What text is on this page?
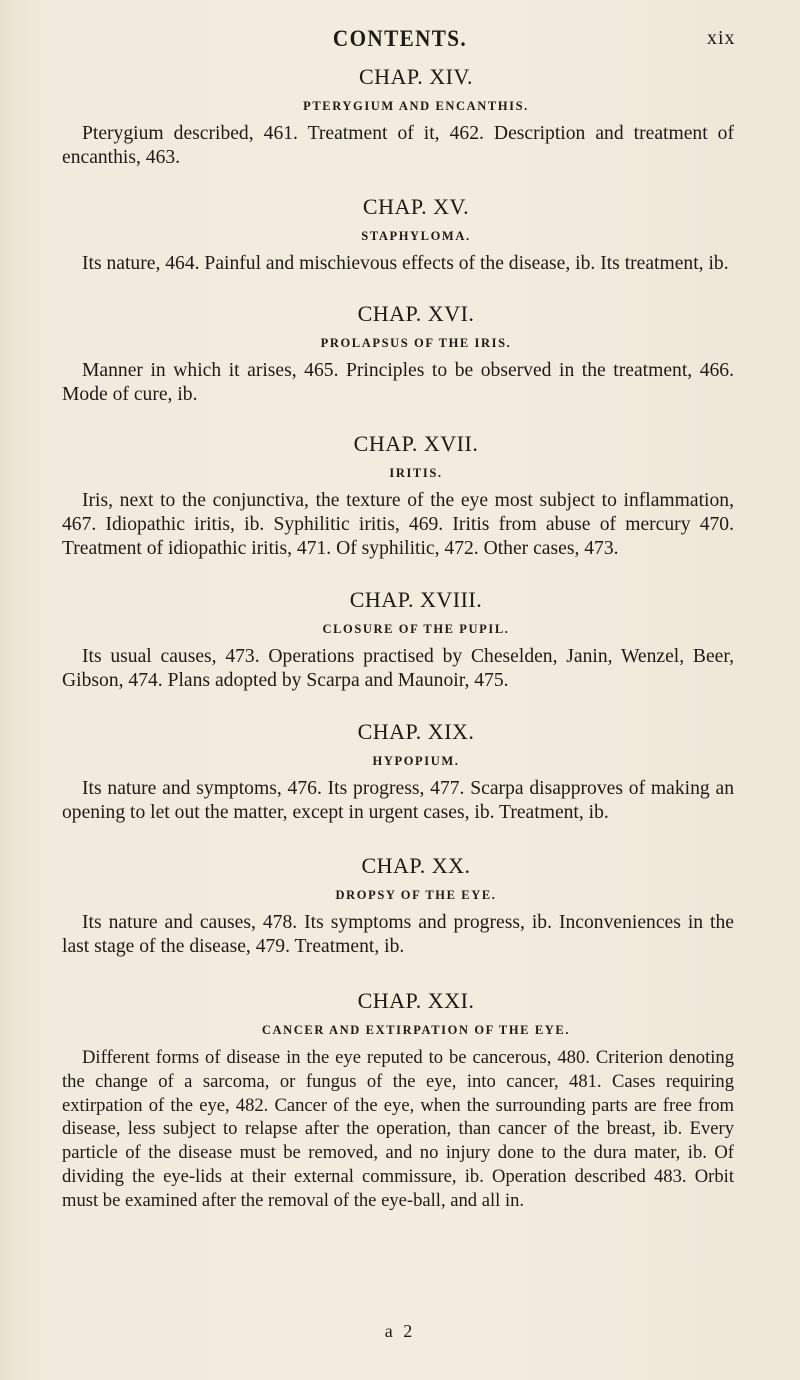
CONTENTS.	xix

CHAP. XIV.

PTERYGIUM AND ENCANTHIS.

Pterygium described, 461. Treatment of it, 462. Description and treatment of encanthis, 463.

CHAP. XV.

STAPHYLOMA.

Its nature, 464. Painful and mischievous effects of the disease, ib. Its treatment, ib.

CHAP. XVI.

PROLAPSUS OF THE IRIS.

Manner in which it arises, 465. Principles to be observed in the treatment, 466. Mode of cure, ib.

CHAP. XVII.

IRITIS.

Iris, next to the conjunctiva, the texture of the eye most subject to inflammation, 467. Idiopathic iritis, ib. Syphilitic iritis, 469. Iritis from abuse of mercury 470. Treatment of idiopathic iritis, 471. Of syphilitic, 472. Other cases, 473.

CHAP. XVIII.

CLOSURE OF THE PUPIL.

Its usual causes, 473. Operations practised by Cheselden, Janin, Wenzel, Beer, Gibson, 474. Plans adopted by Scarpa and Maunoir, 475.

CHAP. XIX.

HYPOPIUM.

Its nature and symptoms, 476. Its progress, 477. Scarpa disapproves of making an opening to let out the matter, except in urgent cases, ib. Treatment, ib.

CHAP. XX.

DROPSY OF THE EYE.

Its nature and causes, 478. Its symptoms and progress, ib. Inconveniences in the last stage of the disease, 479. Treatment, ib.

CHAP. XXI.

CANCER AND EXTIRPATION OF THE EYE.

Different forms of disease in the eye reputed to be cancerous, 480. Criterion denoting the change of a sarcoma, or fungus of the eye, into cancer, 481. Cases requiring extirpation of the eye, 482. Cancer of the eye, when the surrounding parts are free from disease, less subject to relapse after the operation, than cancer of the breast, ib. Every particle of the disease must be removed, and no injury done to the dura mater, ib. Of dividing the eye-lids at their external commissure, ib. Operation described 483. Orbit must be examined after the removal of the eye-ball, and all in.

a 2
